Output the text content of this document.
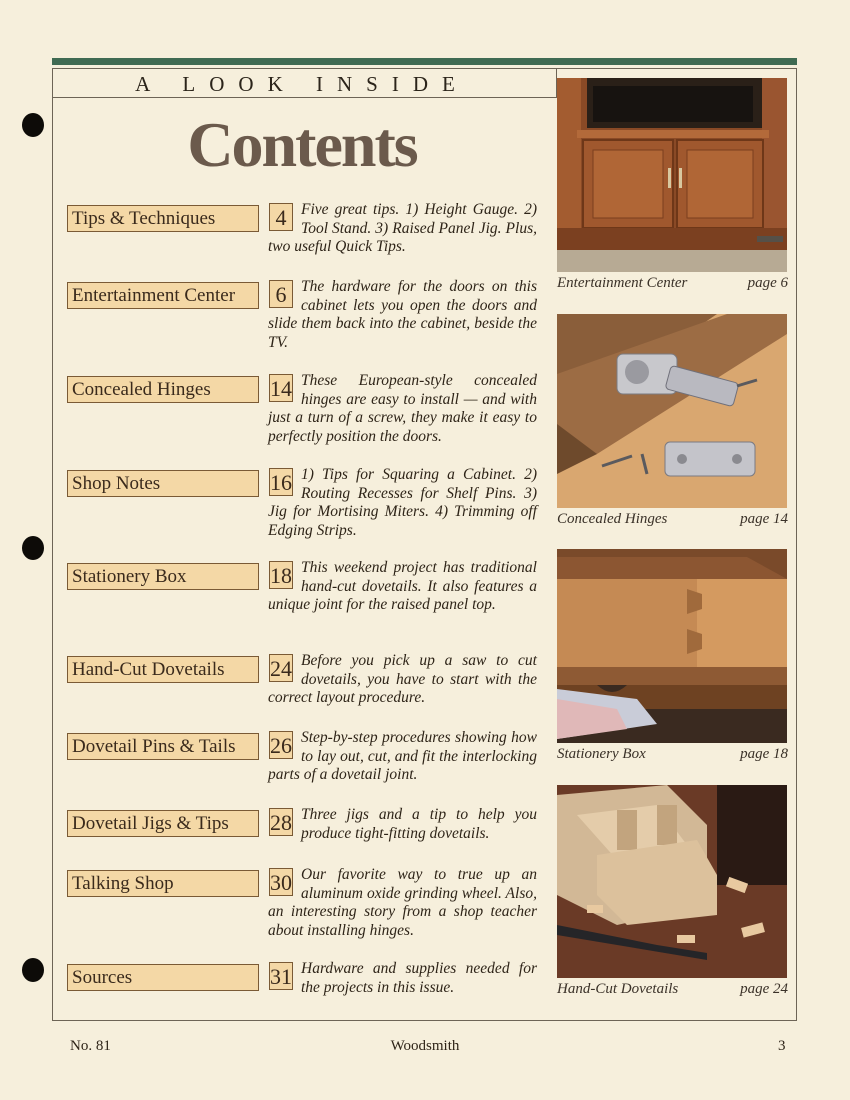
A LOOK INSIDE
Contents
Tips & Techniques	4 Five great tips. 1) Height Gauge. 2) Tool Stand. 3) Raised Panel Jig. Plus, two useful Quick Tips.

Entertainment Center	6 The hardware for the doors on this cabinet lets you open the doors and slide them back into the cabinet, beside the TV.

Concealed Hinges	14 These European-style concealed hinges are easy to install — and with just a turn of a screw, they make it easy to perfectly position the doors.

Shop Notes	16 1) Tips for Squaring a Cabinet. 2) Routing Recesses for Shelf Pins. 3) Jig for Mortising Miters. 4) Trimming off Edging Strips.

Stationery Box	18 This weekend project has traditional hand-cut dovetails. It also features a unique joint for the raised panel top.

Hand-Cut Dovetails	24 Before you pick up a saw to cut dovetails, you have to start with the correct layout procedure.

Dovetail Pins & Tails	26 Step-by-step procedures showing how to lay out, cut, and fit the interlocking parts of a dovetail joint.

Dovetail Jigs & Tips	28 Three jigs and a tip to help you produce tight-fitting dovetails.

Talking Shop	30 Our favorite way to true up an aluminum oxide grinding wheel. Also, an interesting story from a shop teacher about installing hinges.

Sources	31 Hardware and supplies needed for the projects in this issue.

Entertainment Center	page 6
Concealed Hinges	page 14
Stationery Box	page 18
Hand-Cut Dovetails	page 24
No. 81	Woodsmith	3
